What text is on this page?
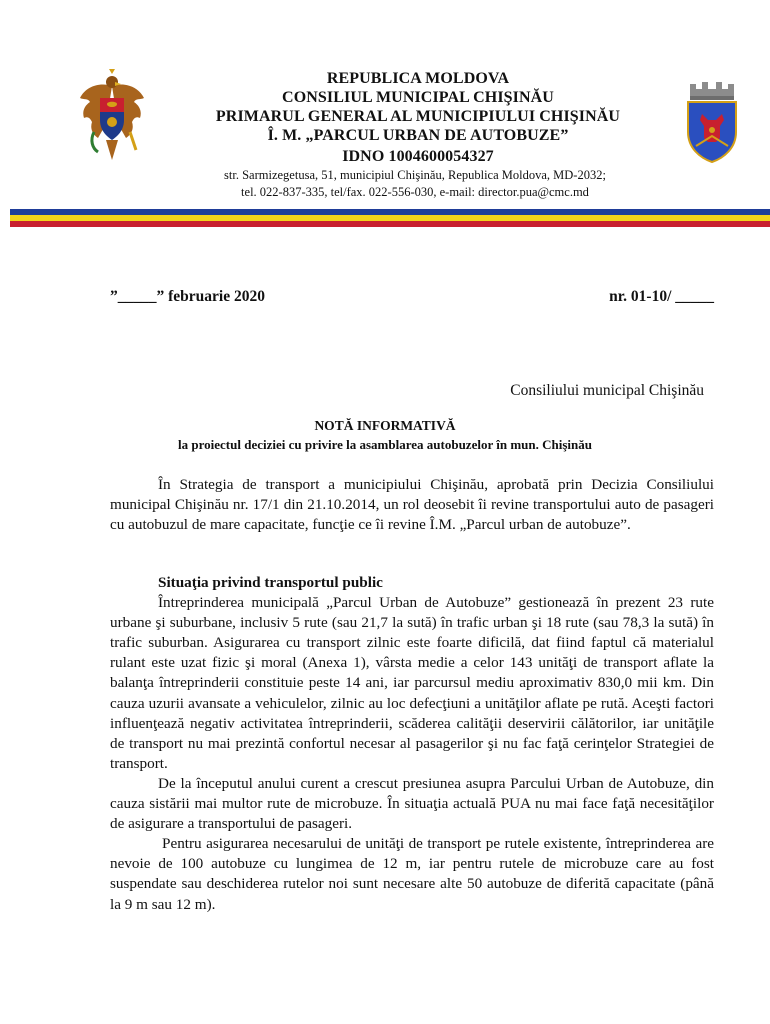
REPUBLICA MOLDOVA
CONSILIUL MUNICIPAL CHIŞINĂU
PRIMARUL GENERAL AL MUNICIPIULUI CHIŞINĂU
Î. M. „PARCUL URBAN DE AUTOBUZE”
IDNO 1004600054327
str. Sarmizegetusa, 51, municipiul Chişinău, Republica Moldova, MD-2032;
tel. 022-837-335, tel/fax. 022-556-030, e-mail: director.pua@cmc.md
”_____” februarie 2020	nr. 01-10/ _____
Consiliului municipal Chişinău
NOTĂ INFORMATIVĂ
la proiectul deciziei cu privire la asamblarea autobuzelor în mun. Chişinău

În Strategia de transport a municipiului Chişinău, aprobată prin Decizia Consiliului municipal Chişinău nr. 17/1 din 21.10.2014, un rol deosebit îi revine transportului auto de pasageri cu autobuzul de mare capacitate, funcţie ce îi revine Î.M. „Parcul urban de autobuze”.

Situaţia privind transportul public

Întreprinderea municipală „Parcul Urban de Autobuze” gestionează în prezent 23 rute urbane şi suburbane, inclusiv 5 rute (sau 21,7 la sută) în trafic urban şi 18 rute (sau 78,3 la sută) în trafic suburban. Asigurarea cu transport zilnic este foarte dificilă, dat fiind faptul că materialul rulant este uzat fizic şi moral (Anexa 1), vârsta medie a celor 143 unităţi de transport aflate la balanţa întreprinderii constituie peste 14 ani, iar parcursul mediu aproximativ 830,0 mii km. Din cauza uzurii avansate a vehiculelor, zilnic au loc defecţiuni a unităţilor aflate pe rută. Aceşti factori influenţează negativ activitatea întreprinderii, scăderea calităţii deservirii călătorilor, iar unităţile de transport nu mai prezintă confortul necesar al pasagerilor şi nu fac faţă cerinţelor Strategiei de transport.

De la începutul anului curent a crescut presiunea asupra Parcului Urban de Autobuze, din cauza sistării mai multor rute de microbuze. În situaţia actuală PUA nu mai face faţă necesităţilor de asigurare a transportului de pasageri.

Pentru asigurarea necesarului de unităţi de transport pe rutele existente, întreprinderea are nevoie de 100 autobuze cu lungimea de 12 m, iar pentru rutele de microbuze care au fost suspendate sau deschiderea rutelor noi sunt necesare alte 50 autobuze de diferită capacitate (până la 9 m sau 12 m).
